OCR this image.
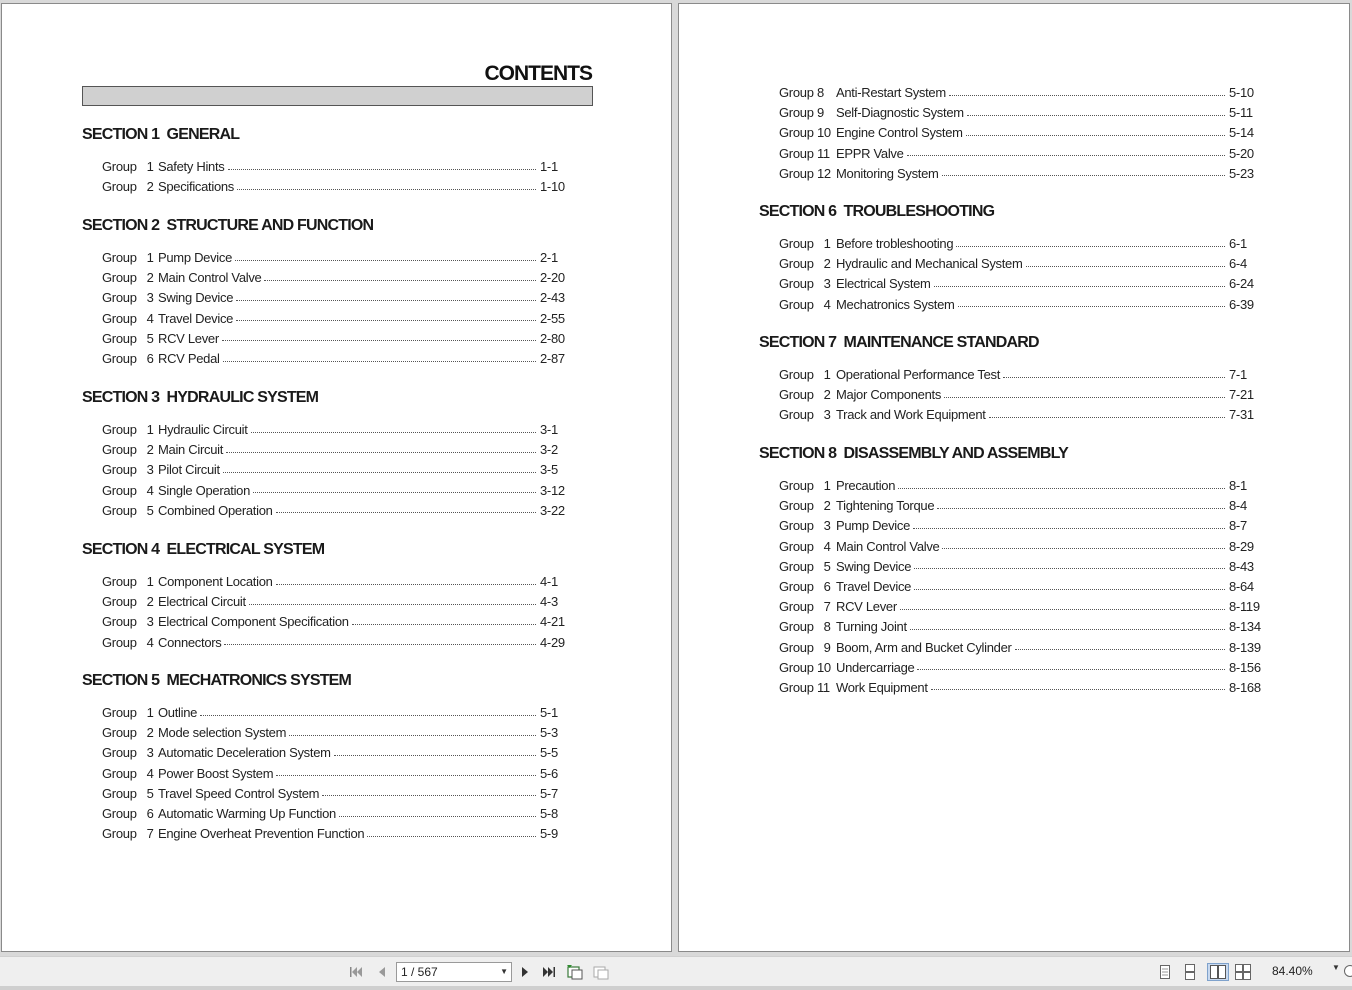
CONTENTS
SECTION 1  GENERAL
Group   1 Safety Hints	1-1
Group   2 Specifications	1-10
SECTION 2  STRUCTURE AND FUNCTION
Group   1 Pump Device	2-1
Group   2 Main Control Valve	2-20
Group   3 Swing Device	2-43
Group   4 Travel Device	2-55
Group   5 RCV Lever	2-80
Group   6 RCV Pedal	2-87
SECTION 3  HYDRAULIC SYSTEM
Group   1 Hydraulic Circuit	3-1
Group   2 Main Circuit	3-2
Group   3 Pilot Circuit	3-5
Group   4 Single Operation	3-12
Group   5 Combined Operation	3-22
SECTION 4  ELECTRICAL SYSTEM
Group   1 Component Location	4-1
Group   2 Electrical Circuit	4-3
Group   3 Electrical Component Specification	4-21
Group   4 Connectors	4-29
SECTION 5  MECHATRONICS SYSTEM
Group   1 Outline	5-1
Group   2 Mode selection System	5-3
Group   3 Automatic Deceleration System	5-5
Group   4 Power Boost System	5-6
Group   5 Travel Speed Control System	5-7
Group   6 Automatic Warming Up Function	5-8
Group   7 Engine Overheat Prevention Function	5-9
Group 8 Anti-Restart System	5-10
Group 9 Self-Diagnostic System	5-11
Group 10 Engine Control System	5-14
Group 11 EPPR Valve	5-20
Group 12 Monitoring System	5-23
SECTION 6  TROUBLESHOOTING
Group   1 Before trobleshooting	6-1
Group   2 Hydraulic and Mechanical System	6-4
Group   3 Electrical System	6-24
Group   4 Mechatronics System	6-39
SECTION 7  MAINTENANCE STANDARD
Group   1 Operational Performance Test	7-1
Group   2 Major Components	7-21
Group   3 Track and Work Equipment	7-31
SECTION 8  DISASSEMBLY AND ASSEMBLY
Group   1 Precaution	8-1
Group   2 Tightening Torque	8-4
Group   3 Pump Device	8-7
Group   4 Main Control Valve	8-29
Group   5 Swing Device	8-43
Group   6 Travel Device	8-64
Group   7 RCV Lever	8-119
Group   8 Turning Joint	8-134
Group   9 Boom, Arm and Bucket Cylinder	8-139
Group 10 Undercarriage	8-156
Group 11 Work Equipment	8-168
1 / 567	▼	84.40% ▼
